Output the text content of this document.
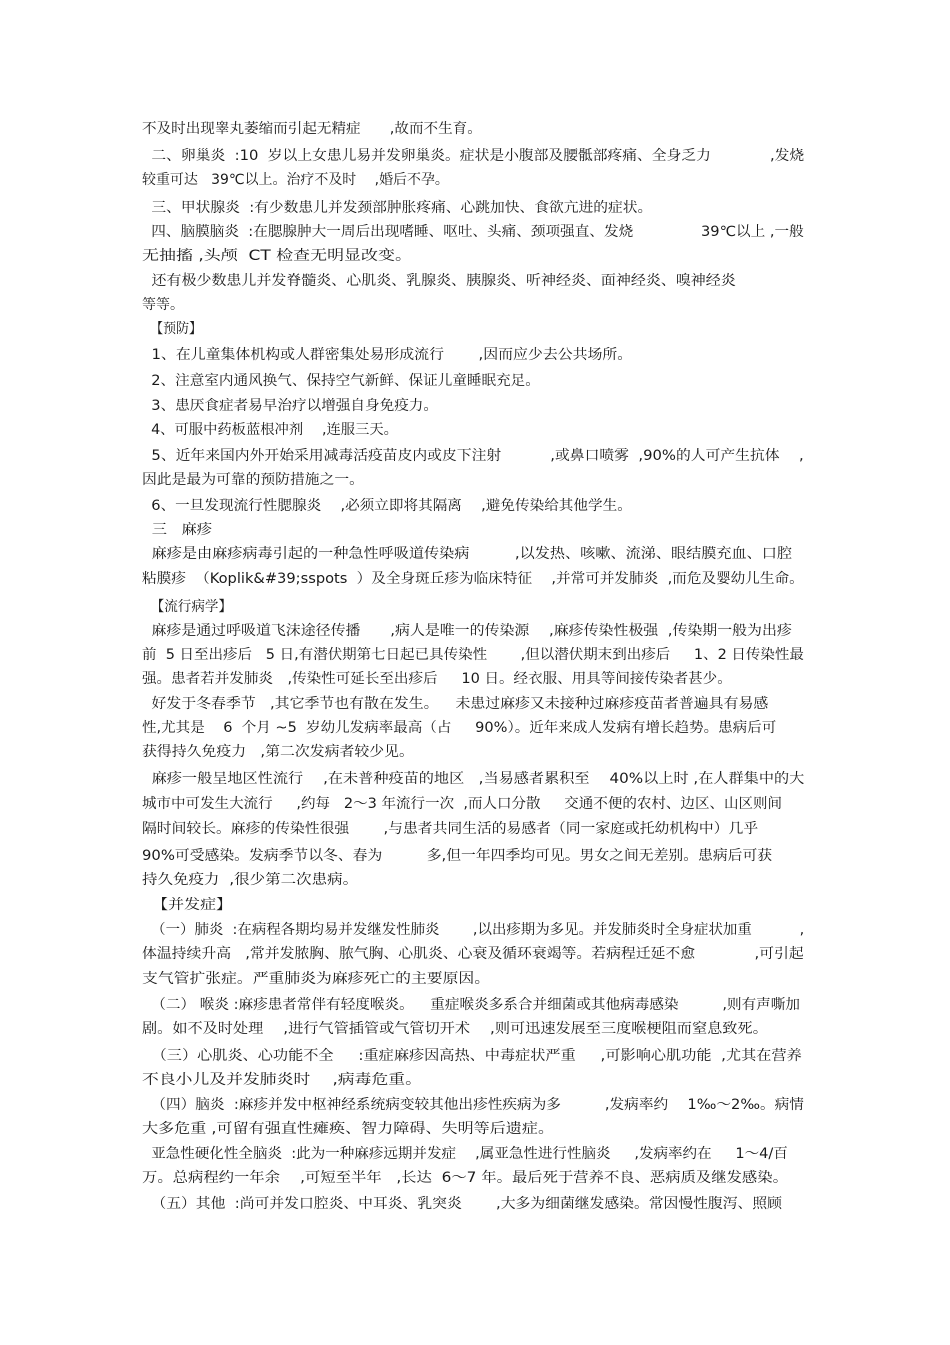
不及时出现睾丸萎缩而引起无精症　　,故而不生育。

二、卵巢炎  :10  岁以上女患儿易并发卵巢炎。症状是小腹部及腰骶部疼痛、全身乏力　　　　,发烧

较重可达   39℃以上。治疗不及时　 ,婚后不孕。

三、甲状腺炎  :有少数患儿并发颈部肿胀疼痛、心跳加快、食欲亢进的症状。

四、脑膜脑炎  :在腮腺肿大一周后出现嗜睡、呕吐、头痛、颈项强直、发烧　　　　  39℃以上 ,一般

无抽搐 ,头颅  CT 检查无明显改变。

还有极少数患儿并发脊髓炎、心肌炎、乳腺炎、胰腺炎、听神经炎、面神经炎、嗅神经炎

等等。

【预防】

1、在儿童集体机构或人群密集处易形成流行　　 ,因而应少去公共场所。

2、注意室内通风换气、保持空气新鲜、保证儿童睡眠充足。

3、患厌食症者易早治疗以增强自身免疫力。

4、可服中药板蓝根冲剂　 ,连服三天。

5、近年来国内外开始采用减毒活疫苗皮内或皮下注射　　　 ,或鼻口喷雾  ,90%的人可产生抗体　 ,

因此是最为可靠的预防措施之一。

6、一旦发现流行性腮腺炎　 ,必须立即将其隔离　 ,避免传染给其他学生。

三   麻疹

麻疹是由麻疹病毒引起的一种急性呼吸道传染病　　　,以发热、咳嗽、流涕、眼结膜充血、口腔

粘膜疹  （Koplik&#39;sspots  ）及全身斑丘疹为临床特征　 ,并常可并发肺炎  ,而危及婴幼儿生命。

【流行病学】

麻疹是通过呼吸道飞沫途径传播　　,病人是唯一的传染源　 ,麻疹传染性极强  ,传染期一般为出疹

前  5 日至出疹后   5 日,有潜伏期第七日起已具传染性　　 ,但以潜伏期末到出疹后　  1、2 日传染性最

强。患者若并发肺炎　,传染性可延长至出疹后　  10 日。经衣服、用具等间接传染者甚少。

好发于冬春季节   ,其它季节也有散在发生。　  未患过麻疹又未接种过麻疹疫苗者普遍具有易感

性,尤其是    6  个月 ~5  岁幼儿发病率最高（占　  90%）。近年来成人发病有增长趋势。患病后可

获得持久免疫力   ,第二次发病者较少见。

麻疹一般呈地区性流行　 ,在未普种疫苗的地区   ,当易感者累积至　 40%以上时 ,在人群集中的大

城市中可发生大流行　  ,约每   2～3 年流行一次  ,而人口分散　  交通不便的农村、边区、山区则间

隔时间较长。麻疹的传染性很强　　 ,与患者共同生活的易感者（同一家庭或托幼机构中）几乎

90%可受感染。发病季节以冬、春为　　　多,但一年四季均可见。男女之间无差别。患病后可获

持久免疫力  ,很少第二次患病。

【并发症】

（一）肺炎  :在病程各期均易并发继发性肺炎　　 ,以出疹期为多见。并发肺炎时全身症状加重　　　 ,

体温持续升高   ,常并发脓胸、脓气胸、心肌炎、心衰及循环衰竭等。若病程迁延不愈　　　　,可引起

支气管扩张症。严重肺炎为麻疹死亡的主要原因。

（二） 喉炎 :麻疹患者常伴有轻度喉炎。　  重症喉炎多系合并细菌或其他病毒感染　　　,则有声嘶加

剧。如不及时处理　 ,进行气管插管或气管切开术　 ,则可迅速发展至三度喉梗阻而窒息致死。

（三）心肌炎、心功能不全　  :重症麻疹因高热、中毒症状严重　  ,可影响心肌功能  ,尤其在营养

不良小儿及并发肺炎时　 ,病毒危重。

（四）脑炎  :麻疹并发中枢神经系统病变较其他出疹性疾病为多　　　,发病率约　 1‰～2‰。病情

大多危重 ,可留有强直性瘫痪、智力障碍、失明等后遗症。

亚急性硬化性全脑炎  :此为一种麻疹远期并发症　 ,属亚急性进行性脑炎　  ,发病率约在　  1～4/百

万。总病程约一年余　 ,可短至半年   ,长达  6～7 年。最后死于营养不良、恶病质及继发感染。

（五）其他  :尚可并发口腔炎、中耳炎、乳突炎　　 ,大多为细菌继发感染。常因慢性腹泻、照顾
